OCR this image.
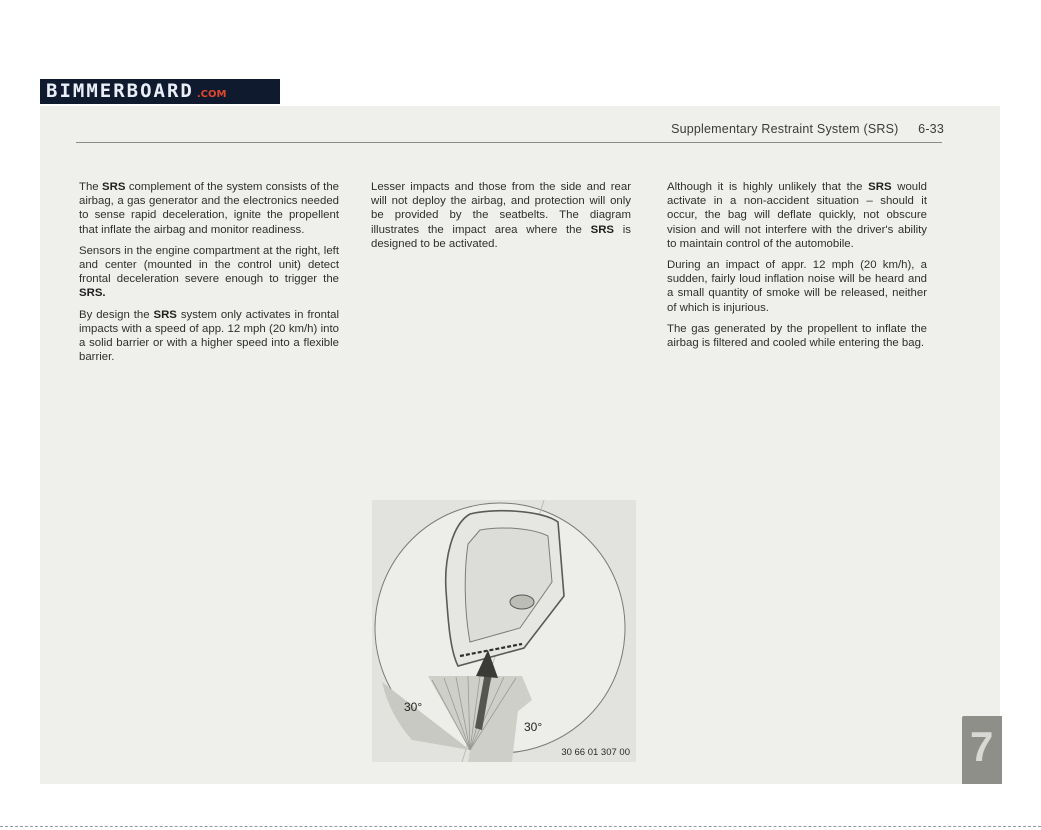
BIMMERBOARD .COM
Supplementary Restraint System (SRS) 6-33

The SRS complement of the system consists of the airbag, a gas generator and the electronics needed to sense rapid deceleration, ignite the propellent that inflate the airbag and monitor readiness.

Sensors in the engine compartment at the right, left and center (mounted in the control unit) detect frontal deceleration severe enough to trigger the SRS.

By design the SRS system only activates in frontal impacts with a speed of app. 12 mph (20 km/h) into a solid barrier or with a higher speed into a flexible barrier.

Lesser impacts and those from the side and rear will not deploy the airbag, and protection will only be provided by the seatbelts. The diagram illustrates the impact area where the SRS is designed to be activated.

Although it is highly unlikely that the SRS would activate in a non-accident situation – should it occur, the bag will deflate quickly, not obscure vision and will not interfere with the driver's ability to maintain control of the automobile.

During an impact of appr. 12 mph (20 km/h), a sudden, fairly loud inflation noise will be heard and a small quantity of smoke will be released, neither of which is injurious.

The gas generated by the propellent to inflate the airbag is filtered and cooled while entering the bag.

30°
30°
30 66 01 307 00	7
